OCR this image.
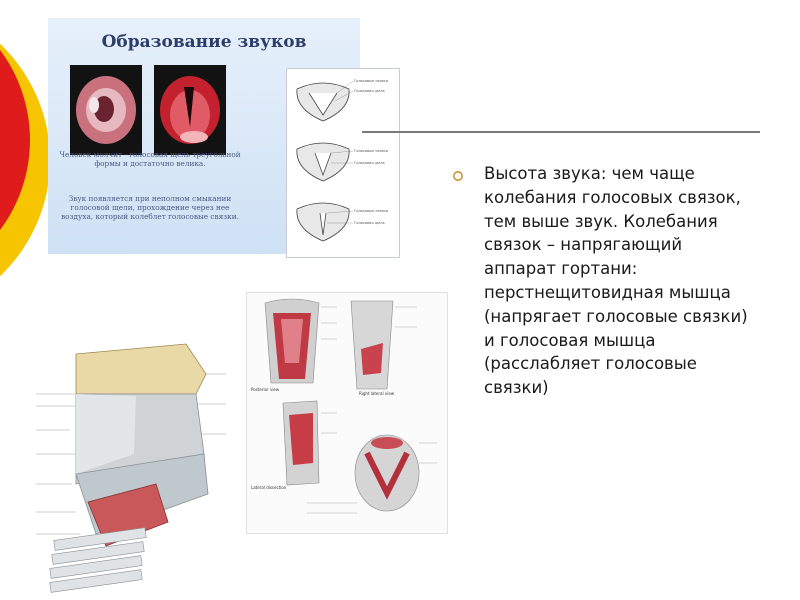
Образование звуков
Человек молчит - голосовая щель треугольной формы и достаточно велика.
Звук появляется при неполном смыкании голосовой щели, прохождение через нее воздуха, который колеблет голосовые связки.
Голосовые связки
Голосовая щель
Голосовые связки
Голосовая щель
Голосовые связки
Голосовая щель
Высота звука: чем чаще колебания голосовых связок, тем выше звук. Колебания связок – напрягающий аппарат гортани: перстнещитовидная мышца (напрягает голосовые связки) и голосовая мышца (расслабляет голосовые связки)
Right lateral view
Posterior view
Lateral dissection
